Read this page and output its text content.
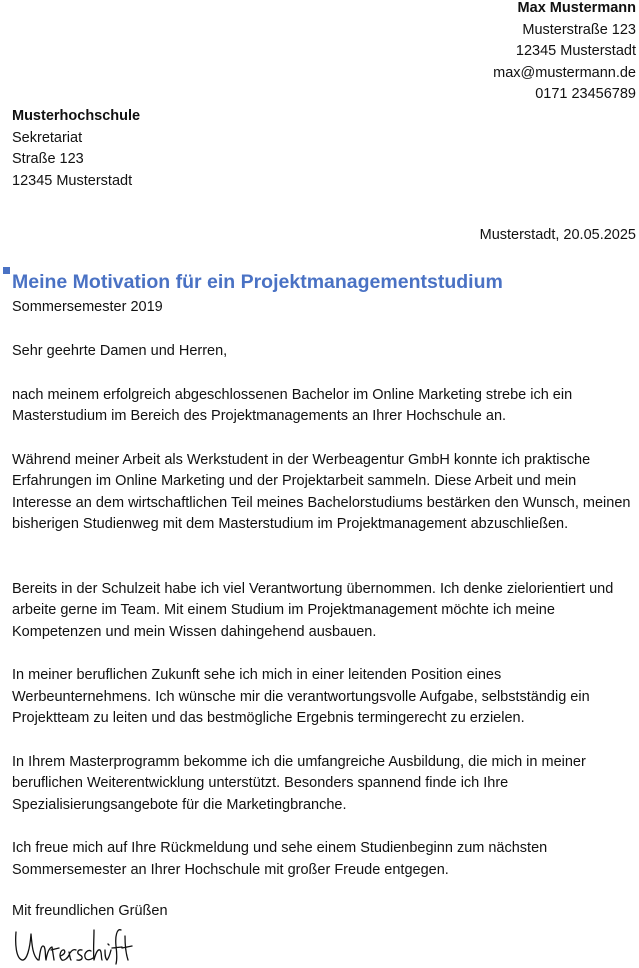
Max Mustermann
Musterstraße 123
12345 Musterstadt
max@mustermann.de
0171 23456789
Musterhochschule
Sekretariat
Straße 123
12345 Musterstadt
Musterstadt, 20.05.2025
Meine Motivation für ein Projektmanagementstudium
Sommersemester 2019

Sehr geehrte Damen und Herren,

nach meinem erfolgreich abgeschlossenen Bachelor im Online Marketing strebe ich ein Masterstudium im Bereich des Projektmanagements an Ihrer Hochschule an.

Während meiner Arbeit als Werkstudent in der Werbeagentur GmbH konnte ich praktische Erfahrungen im Online Marketing und der Projektarbeit sammeln. Diese Arbeit und mein Interesse an dem wirtschaftlichen Teil meines Bachelorstudiums bestärken den Wunsch, meinen bisherigen Studienweg mit dem Masterstudium im Projektmanagement abzuschließen.

Bereits in der Schulzeit habe ich viel Verantwortung übernommen. Ich denke zielorientiert und arbeite gerne im Team. Mit einem Studium im Projektmanagement möchte ich meine Kompetenzen und mein Wissen dahingehend ausbauen.

In meiner beruflichen Zukunft sehe ich mich in einer leitenden Position eines Werbeunternehmens. Ich wünsche mir die verantwortungsvolle Aufgabe, selbstständig ein Projektteam zu leiten und das bestmögliche Ergebnis termingerecht zu erzielen.

In Ihrem Masterprogramm bekomme ich die umfangreiche Ausbildung, die mich in meiner beruflichen Weiterentwicklung unterstützt. Besonders spannend finde ich Ihre Spezialisierungsangebote für die Marketingbranche.

Ich freue mich auf Ihre Rückmeldung und sehe einem Studienbeginn zum nächsten Sommersemester an Ihrer Hochschule mit großer Freude entgegen.

Mit freundlichen Grüßen
